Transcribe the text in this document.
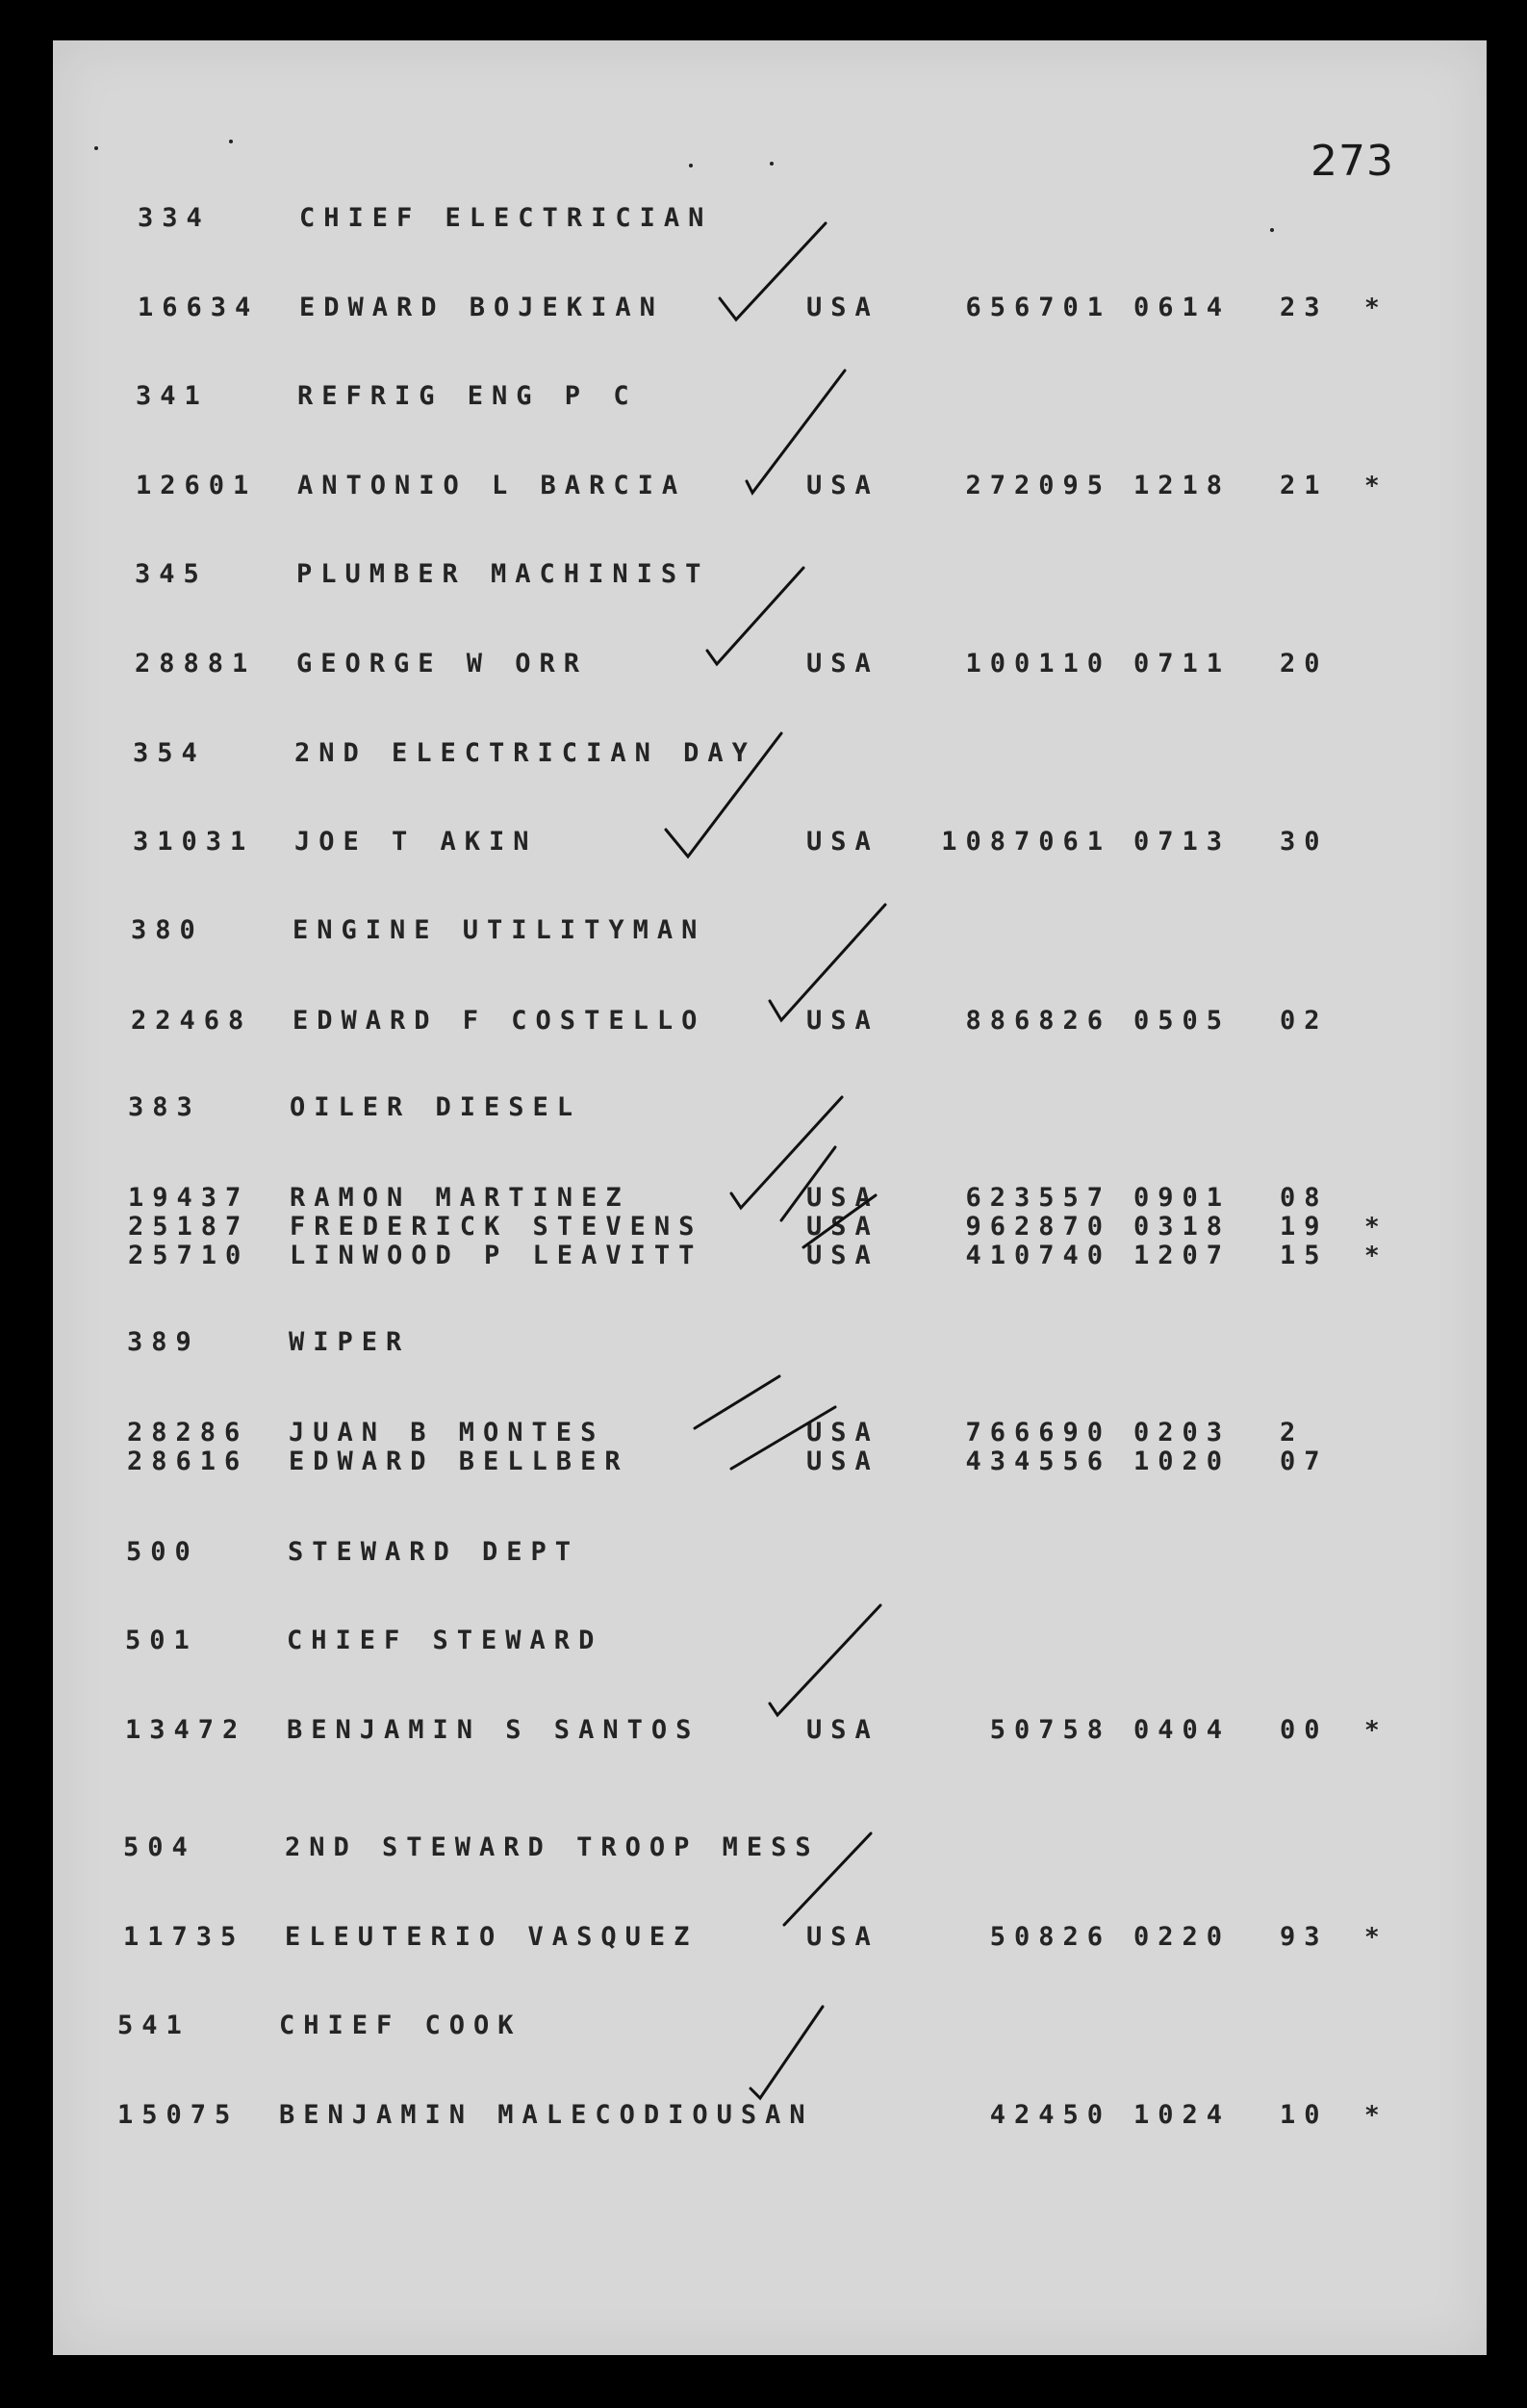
273
334	CHIEF ELECTRICIAN
16634	EDWARD BOJEKIAN	USA	656701 0614 23 *
341	REFRIG ENG P C
12601	ANTONIO L BARCIA	USA	272095 1218 21 *
345	PLUMBER MACHINIST
28881	GEORGE W ORR	USA	100110 0711 20
354	2ND ELECTRICIAN DAY
31031	JOE T AKIN	USA	1087061 0713 30
380	ENGINE UTILITYMAN
22468	EDWARD F COSTELLO	USA	886826 0505 02
383	OILER DIESEL
19437	RAMON MARTINEZ	USA	623557 0901 08
25187	FREDERICK STEVENS	USA	962870 0318 19 *
25710	LINWOOD P LEAVITT	USA	410740 1207 15 *
389	WIPER
28286	JUAN B MONTES	USA	766690 0203 2
28616	EDWARD BELLBER	USA	434556 1020 07
500	STEWARD DEPT
501	CHIEF STEWARD
13472	BENJAMIN S SANTOS	USA	50758 0404 00 *
504	2ND STEWARD TROOP MESS
11735	ELEUTERIO VASQUEZ	USA	50826 0220 93 *
541	CHIEF COOK
15075	BENJAMIN MALECODIOUSAN	42450 1024 10 *
